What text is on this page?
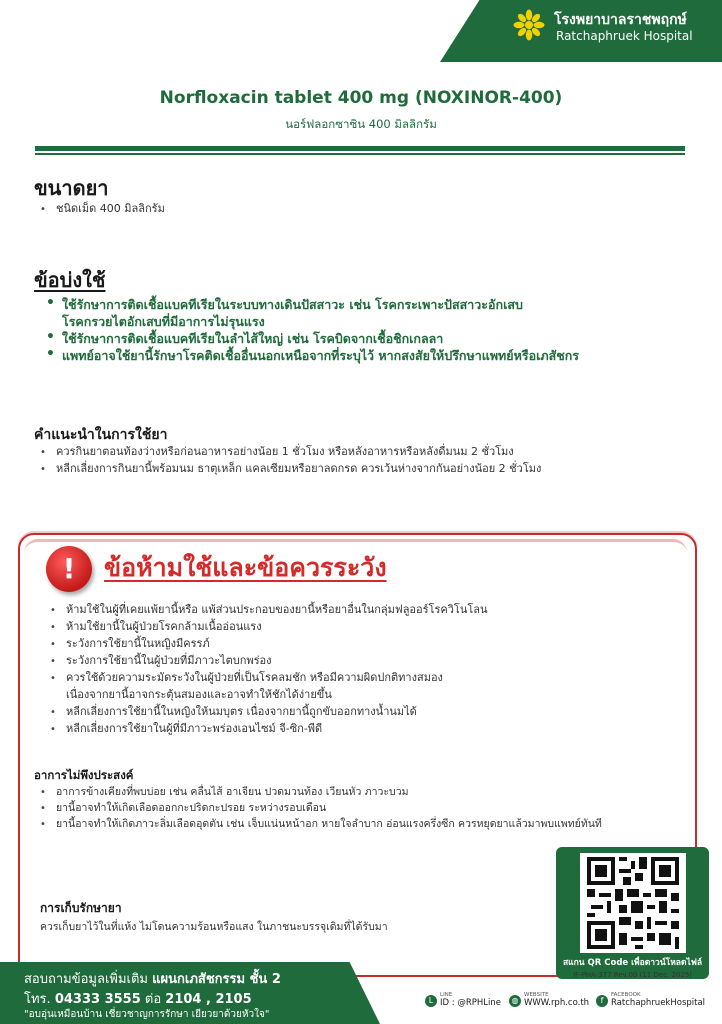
โรงพยาบาลราชพฤกษ์
Ratchaphruek Hospital
Norfloxacin tablet 400 mg (NOXINOR-400)
นอร์ฟลอกซาซิน 400 มิลลิกรัม
ขนาดยา
• ชนิดเม็ด 400 มิลลิกรัม
ข้อบ่งใช้
• ใช้รักษาการติดเชื้อแบคทีเรียในระบบทางเดินปัสสาวะ เช่น โรคกระเพาะปัสสาวะอักเสบ
โรคกรวยไตอักเสบที่มีอาการไม่รุนแรง
• ใช้รักษาการติดเชื้อแบคทีเรียในลำไส้ใหญ่ เช่น โรคบิดจากเชื้อชิกเกลลา
• แพทย์อาจใช้ยานี้รักษาโรคติดเชื้ออื่นนอกเหนือจากที่ระบุไว้ หากสงสัยให้ปรึกษาแพทย์หรือเภสัชกร
คำแนะนำในการใช้ยา
• ควรกินยาตอนท้องว่างหรือก่อนอาหารอย่างน้อย 1 ชั่วโมง หรือหลังอาหารหรือหลังดื่มนม 2 ชั่วโมง
• หลีกเลี่ยงการกินยานี้พร้อมนม ธาตุเหล็ก แคลเซียมหรือยาลดกรด ควรเว้นห่างจากกันอย่างน้อย 2 ชั่วโมง
!	ข้อห้ามใช้และข้อควรระวัง
• ห้ามใช้ในผู้ที่เคยแพ้ยานี้หรือ แพ้ส่วนประกอบของยานี้หรือยาอื่นในกลุ่มฟลูออร์โรควิโนโลน
• ห้ามใช้ยานี้ในผู้ป่วยโรคกล้ามเนื้ออ่อนแรง
• ระวังการใช้ยานี้ในหญิงมีครรภ์
• ระวังการใช้ยานี้ในผู้ป่วยที่มีภาวะไตบกพร่อง
• ควรใช้ด้วยความระมัดระวังในผู้ป่วยที่เป็นโรคลมชัก หรือมีความผิดปกติทางสมอง
เนื่องจากยานี้อาจกระตุ้นสมองและอาจทำให้ชักได้ง่ายขึ้น
• หลีกเลี่ยงการใช้ยานี้ในหญิงให้นมบุตร เนื่องจากยานี้ถูกขับออกทางน้ำนมได้
• หลีกเลี่ยงการใช้ยาในผู้ที่มีภาวะพร่องเอนไซม์ จี-ซิก-พีดี
อาการไม่พึงประสงค์
• อาการข้างเคียงที่พบบ่อย เช่น คลื่นไส้ อาเจียน ปวดมวนท้อง เวียนหัว ภาวะบวม
• ยานี้อาจทำให้เกิดเลือดออกกะปริดกะปรอย ระหว่างรอบเดือน
• ยานี้อาจทำให้เกิดภาวะลิ่มเลือดอุดตัน เช่น เจ็บแน่นหน้าอก หายใจลำบาก อ่อนแรงครึ่งซีก ควรหยุดยาแล้วมาพบแพทย์ทันที
การเก็บรักษายา
ควรเก็บยาไว้ในที่แห้ง ไม่โดนความร้อนหรือแสง ในภาชนะบรรจุเดิมที่ได้รับมา
สแกน QR Code เพื่อดาวน์โหลดไฟล์
IF-PHA-377 Rev.00 (11 Dec. 2025)
สอบถามข้อมูลเพิ่มเติม แผนกเภสัชกรรม ชั้น 2
โทร. 04333 3555 ต่อ 2104 , 2105
"อบอุ่นเหมือนบ้าน เชี่ยวชาญการรักษา เยียวยาด้วยหัวใจ"
L
LINE
ID : @RPHLine	◍
WEBSITE
WWW.rph.co.th	f
FACEBOOK
RatchaphruekHospital
